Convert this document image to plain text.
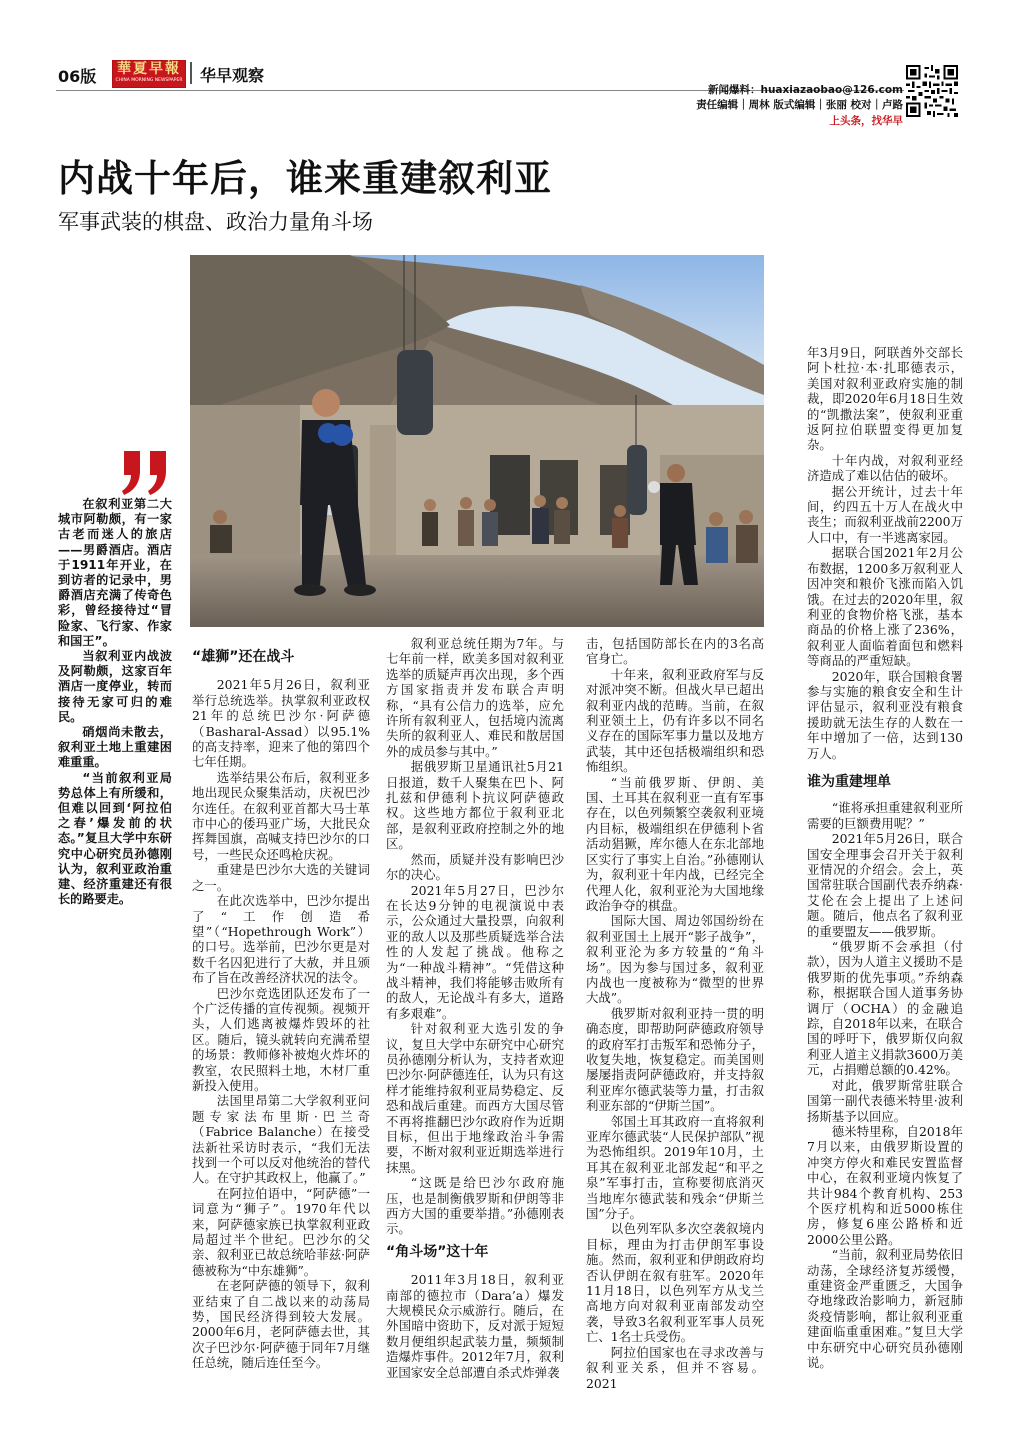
06版 華夏早報
CHINA MORNING NEWSPAPER 华早观察
新闻爆料：huaxiazaobao@126.com
责任编辑｜周林 版式编辑｜张丽 校对｜卢路
上头条，找华早
内战十年后，谁来重建叙利亚
军事武装的棋盘、政治力量角斗场

在叙利亚第二大城市阿勒颇，有一家古老而迷人的旅店——男爵酒店。酒店于1911年开业，在到访者的记录中，男爵酒店充满了传奇色彩，曾经接待过“冒险家、飞行家、作家和国王”。

当叙利亚内战波及阿勒颇，这家百年酒店一度停业，转而接待无家可归的难民。

硝烟尚未散去，叙利亚土地上重建困难重重。

“当前叙利亚局势总体上有所缓和，但难以回到‘阿拉伯之春’爆发前的状态。”复旦大学中东研究中心研究员孙德刚认为，叙利亚政治重建、经济重建还有很长的路要走。

“雄狮”还在战斗

2021年5月26日，叙利亚举行总统选举。执掌叙利亚政权21年的总统巴沙尔·阿萨德（Basharal-Assad）以95.1%的高支持率，迎来了他的第四个七年任期。

选举结果公布后，叙利亚多地出现民众聚集活动，庆祝巴沙尔连任。在叙利亚首都大马士革市中心的倭玛亚广场，大批民众挥舞国旗，高喊支持巴沙尔的口号，一些民众还鸣枪庆祝。

重建是巴沙尔大选的关键词之一。

在此次选举中，巴沙尔提出了“工作创造希望”（“Hopethrough Work”）的口号。选举前，巴沙尔更是对数千名囚犯进行了大赦，并且颁布了旨在改善经济状况的法令。

巴沙尔竞选团队还发布了一个广泛传播的宣传视频。视频开头，人们逃离被爆炸毁坏的社区。随后，镜头就转向充满希望的场景：教师修补被炮火炸坏的教室，农民照料土地，木材厂重新投入使用。

法国里昂第二大学叙利亚问题专家法布里斯·巴兰奇（Fabrice Balanche）在接受法新社采访时表示，“我们无法找到一个可以反对他统治的替代人。在守护其政权上，他赢了。”

在阿拉伯语中，“阿萨德”一词意为“狮子”。1970年代以来，阿萨德家族已执掌叙利亚政局超过半个世纪。巴沙尔的父亲、叙利亚已故总统哈菲兹·阿萨德被称为“中东雄狮”。

在老阿萨德的领导下，叙利亚结束了自二战以来的动荡局势，国民经济得到较大发展。2000年6月，老阿萨德去世，其次子巴沙尔·阿萨德于同年7月继任总统，随后连任至今。

叙利亚总统任期为7年。与七年前一样，欧美多国对叙利亚选举的质疑声再次出现，多个西方国家指责并发布联合声明称，“具有公信力的选举，应允许所有叙利亚人，包括境内流离失所的叙利亚人、难民和散居国外的成员参与其中。”

据俄罗斯卫星通讯社5月21日报道，数千人聚集在巴卜、阿扎兹和伊德利卜抗议阿萨德政权。这些地方都位于叙利亚北部，是叙利亚政府控制之外的地区。

然而，质疑并没有影响巴沙尔的决心。

2021年5月27日，巴沙尔在长达9分钟的电视演说中表示，公众通过大量投票，向叙利亚的敌人以及那些质疑选举合法性的人发起了挑战。他称之为“一种战斗精神”。“凭借这种战斗精神，我们将能够击败所有的敌人，无论战斗有多大，道路有多艰难”。

针对叙利亚大选引发的争议，复旦大学中东研究中心研究员孙德刚分析认为，支持者欢迎巴沙尔·阿萨德连任，认为只有这样才能维持叙利亚局势稳定、反恐和战后重建。而西方大国尽管不再将推翻巴沙尔政府作为近期目标，但出于地缘政治斗争需要，不断对叙利亚近期选举进行抹黑。

“这既是给巴沙尔政府施压，也是制衡俄罗斯和伊朗等非西方大国的重要举措。”孙德刚表示。

“角斗场”这十年

2011年3月18日，叙利亚南部的德拉市（Dara’a）爆发大规模民众示威游行。随后，在外国暗中资助下，反对派于短短数月便组织起武装力量，频频制造爆炸事件。2012年7月，叙利亚国家安全总部遭自杀式炸弹袭

击，包括国防部长在内的3名高官身亡。

十年来，叙利亚政府军与反对派冲突不断。但战火早已超出叙利亚内战的范畴。当前，在叙利亚领土上，仍有许多以不同名义存在的国际军事力量以及地方武装，其中还包括极端组织和恐怖组织。

“当前俄罗斯、伊朗、美国、土耳其在叙利亚一直有军事存在，以色列频繁空袭叙利亚境内目标，极端组织在伊德利卜省活动猖獗，库尔德人在东北部地区实行了事实上自治。”孙德刚认为，叙利亚十年内战，已经完全代理人化，叙利亚沦为大国地缘政治争夺的棋盘。

国际大国、周边邻国纷纷在叙利亚国土上展开“影子战争”，叙利亚沦为多方较量的“角斗场”。因为参与国过多，叙利亚内战也一度被称为“微型的世界大战”。

俄罗斯对叙利亚持一贯的明确态度，即帮助阿萨德政府领导的政府军打击叛军和恐怖分子，收复失地，恢复稳定。而美国则屡屡指责阿萨德政府，并支持叙利亚库尔德武装等力量，打击叙利亚东部的“伊斯兰国”。

邻国土耳其政府一直将叙利亚库尔德武装“人民保护部队”视为恐怖组织。2019年10月，土耳其在叙利亚北部发起“和平之泉”军事打击，宣称要彻底消灭当地库尔德武装和残余“伊斯兰国”分子。

以色列军队多次空袭叙境内目标，理由为打击伊朗军事设施。然而，叙利亚和伊朗政府均否认伊朗在叙有驻军。2020年11月18日，以色列军方从戈兰高地方向对叙利亚南部发动空袭，导致3名叙利亚军事人员死亡、1名士兵受伤。

阿拉伯国家也在寻求改善与叙利亚关系，但并不容易。2021

年3月9日，阿联酋外交部长阿卜杜拉·本·扎耶德表示，美国对叙利亚政府实施的制裁，即2020年6月18日生效的“凯撒法案”，使叙利亚重返阿拉伯联盟变得更加复杂。

十年内战，对叙利亚经济造成了难以估估的破坏。

据公开统计，过去十年间，约四五十万人在战火中丧生；而叙利亚战前2200万人口中，有一半逃离家园。

据联合国2021年2月公布数据，1200多万叙利亚人因冲突和粮价飞涨而陷入饥饿。在过去的2020年里，叙利亚的食物价格飞涨，基本商品的价格上涨了236%，叙利亚人面临着面包和燃料等商品的严重短缺。

2020年，联合国粮食署参与实施的粮食安全和生计评估显示，叙利亚没有粮食援助就无法生存的人数在一年中增加了一倍，达到130万人。

谁为重建埋单

“谁将承担重建叙利亚所需要的巨额费用呢？”

2021年5月26日，联合国安全理事会召开关于叙利亚情况的介绍会。会上，英国常驻联合国副代表乔纳森·艾伦在会上提出了上述问题。随后，他点名了叙利亚的重要盟友——俄罗斯。

“俄罗斯不会承担（付款），因为人道主义援助不是俄罗斯的优先事项。”乔纳森称，根据联合国人道事务协调厅（OCHA）的金融追踪，自2018年以来，在联合国的呼吁下，俄罗斯仅向叙利亚人道主义捐款3600万美元，占捐赠总额的0.42%。

对此，俄罗斯常驻联合国第一副代表德米特里·波利扬斯基予以回应。

德米特里称，自2018年7月以来，由俄罗斯设置的冲突方停火和难民安置监督中心，在叙利亚境内恢复了共计984个教育机构、253个医疗机构和近5000栋住房，修复6座公路桥和近2000公里公路。

“当前，叙利亚局势依旧动荡，全球经济复苏缓慢，重建资金严重匮乏，大国争夺地缘政治影响力，新冠肺炎疫情影响，都让叙利亚重建面临重重困难。”复旦大学中东研究中心研究员孙德刚说。
